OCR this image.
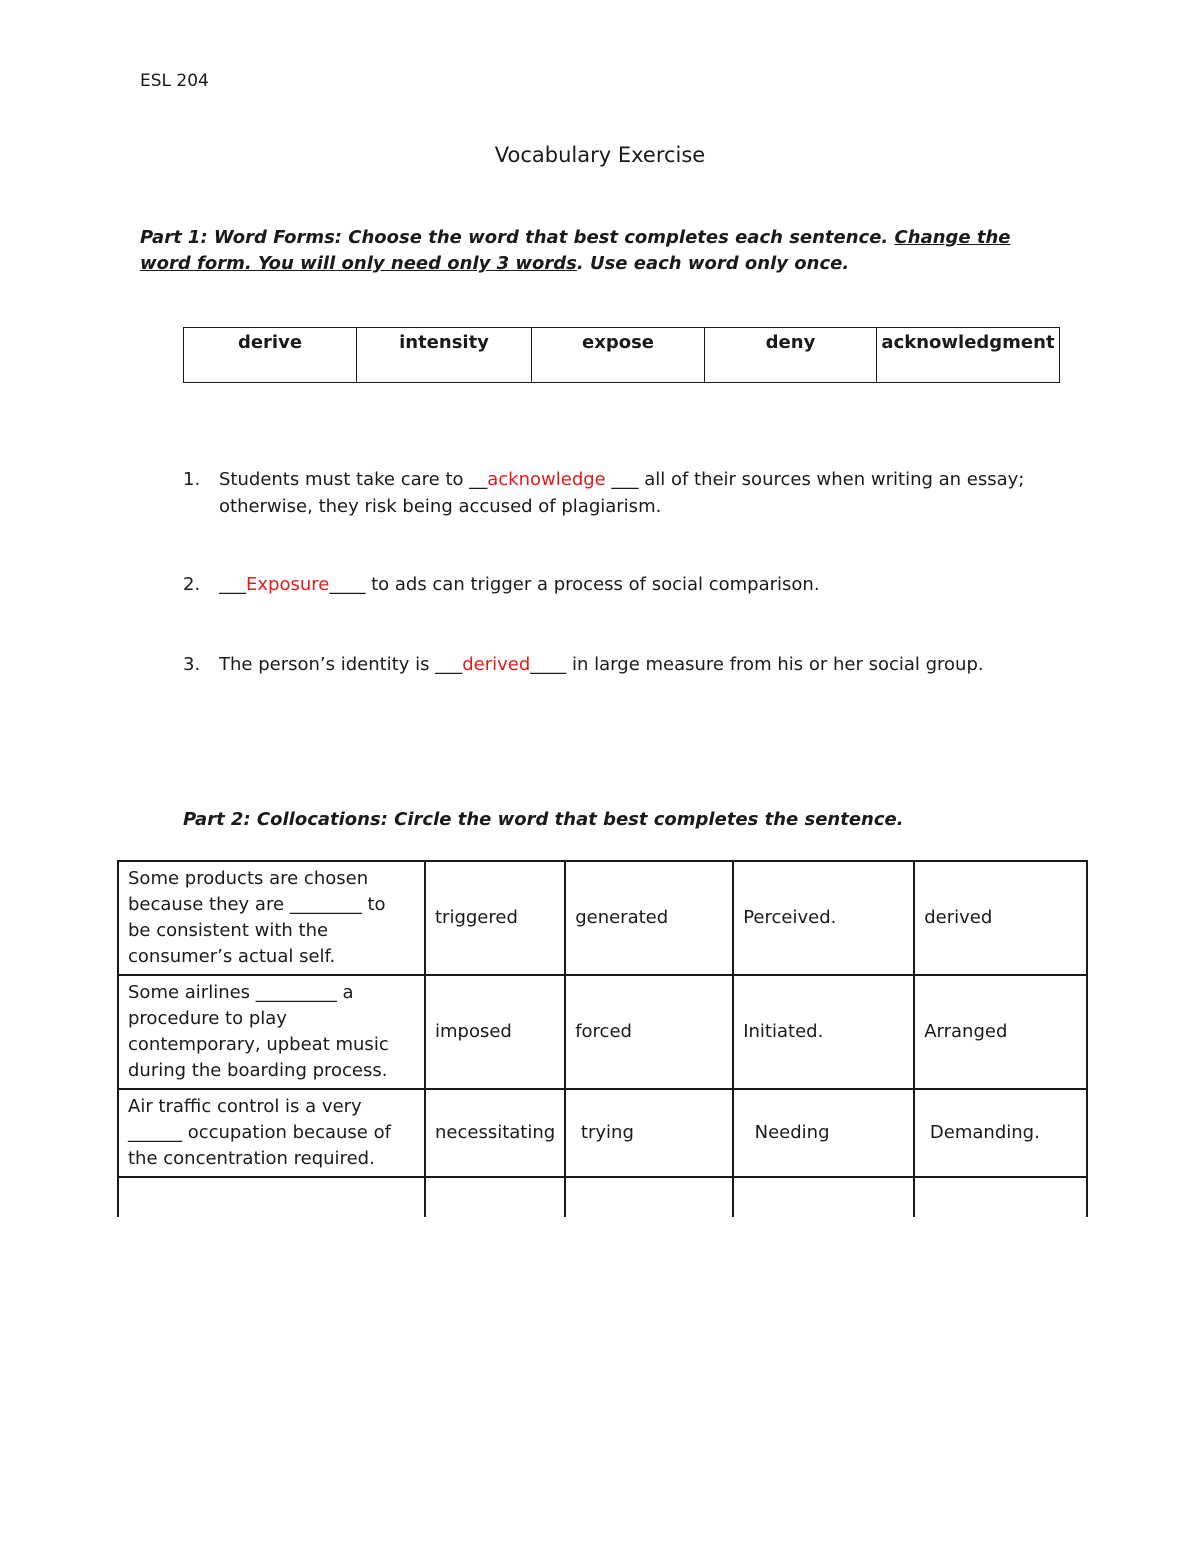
ESL 204
Vocabulary Exercise
Part 1: Word Forms: Choose the word that best completes each sentence. Change the word form. You will only need only 3 words. Use each word only once.
derive	intensity	expose	deny	acknowledgment
1. Students must take care to __acknowledge ___ all of their sources when writing an essay;
otherwise, they risk being accused of plagiarism.
2. ___Exposure____ to ads can trigger a process of social comparison.
3. The person’s identity is ___derived____ in large measure from his or her social group.
Part 2: Collocations: Circle the word that best completes the sentence.
Some products are chosen
because they are ________ to
be consistent with the
consumer’s actual self.	triggered	generated	Perceived.	derived
Some airlines _________ a
procedure to play
contemporary, upbeat music
during the boarding process.	imposed	forced	Initiated.	Arranged
Air traffic control is a very
______ occupation because of
the concentration required.	necessitating	trying	Needing	Demanding.
